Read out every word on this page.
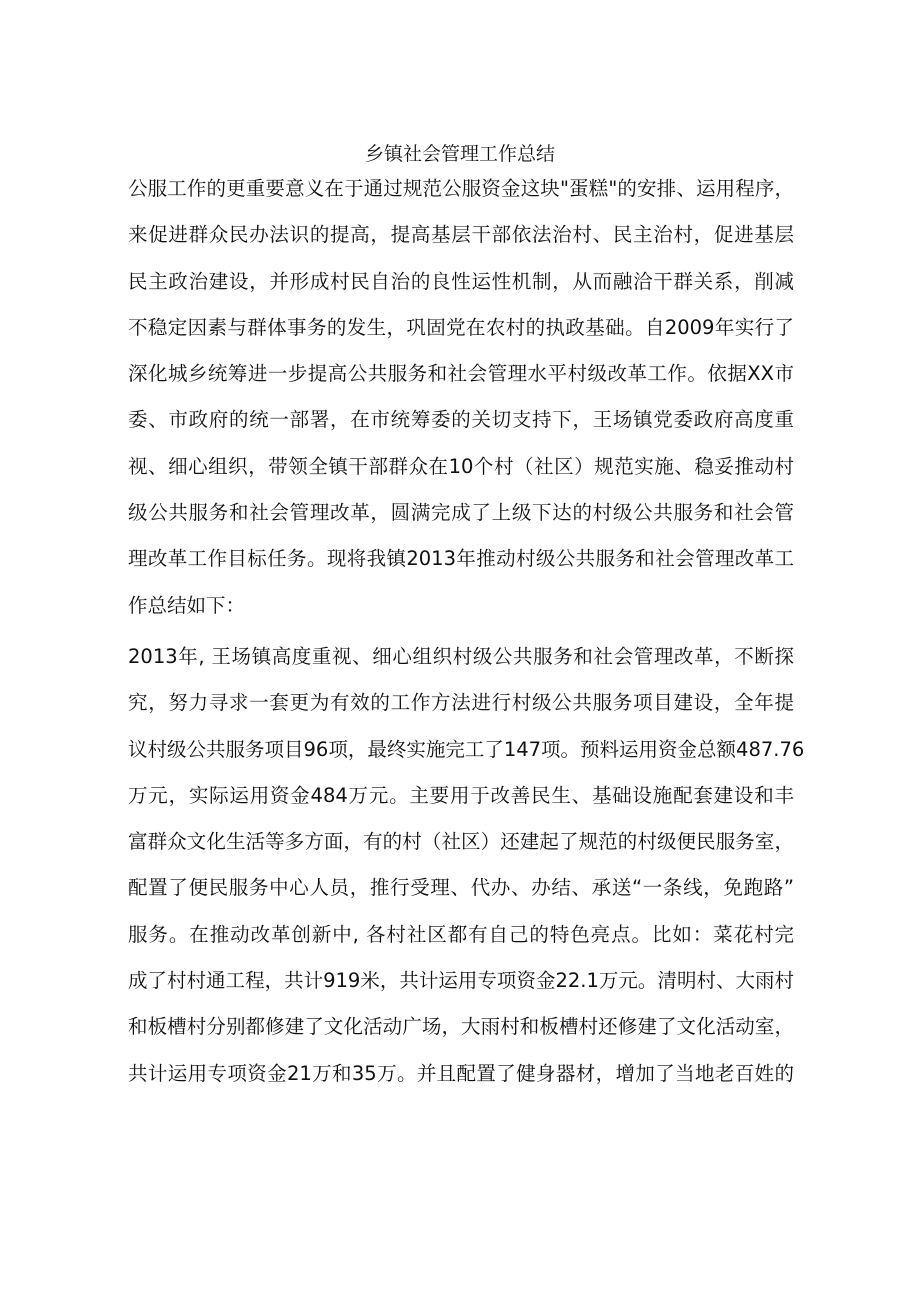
乡镇社会管理工作总结
公服工作的更重要意义在于通过规范公服资金这块"蛋糕"的安排、运用程序，
来促进群众民办法识的提高，提高基层干部依法治村、民主治村，促进基层
民主政治建设，并形成村民自治的良性运性机制，从而融洽干群关系，削减
不稳定因素与群体事务的发生，巩固党在农村的执政基础。自2009年实行了
深化城乡统筹进一步提高公共服务和社会管理水平村级改革工作。依据XX市
委、市政府的统一部署，在市统筹委的关切支持下，王场镇党委政府高度重
视、细心组织，带领全镇干部群众在10个村（社区）规范实施、稳妥推动村
级公共服务和社会管理改革，圆满完成了上级下达的村级公共服务和社会管
理改革工作目标任务。现将我镇2013年推动村级公共服务和社会管理改革工
作总结如下：
2013年, 王场镇高度重视、细心组织村级公共服务和社会管理改革，不断探
究，努力寻求一套更为有效的工作方法进行村级公共服务项目建设，全年提
议村级公共服务项目96项，最终实施完工了147项。预料运用资金总额487.76
万元，实际运用资金484万元。主要用于改善民生、基础设施配套建设和丰
富群众文化生活等多方面，有的村（社区）还建起了规范的村级便民服务室，
配置了便民服务中心人员，推行受理、代办、办结、承送“一条线，免跑路”
服务。在推动改革创新中, 各村社区都有自己的特色亮点。比如：菜花村完
成了村村通工程，共计919米，共计运用专项资金22.1万元。清明村、大雨村
和板槽村分别都修建了文化活动广场，大雨村和板槽村还修建了文化活动室，
共计运用专项资金21万和35万。并且配置了健身器材，增加了当地老百姓的
